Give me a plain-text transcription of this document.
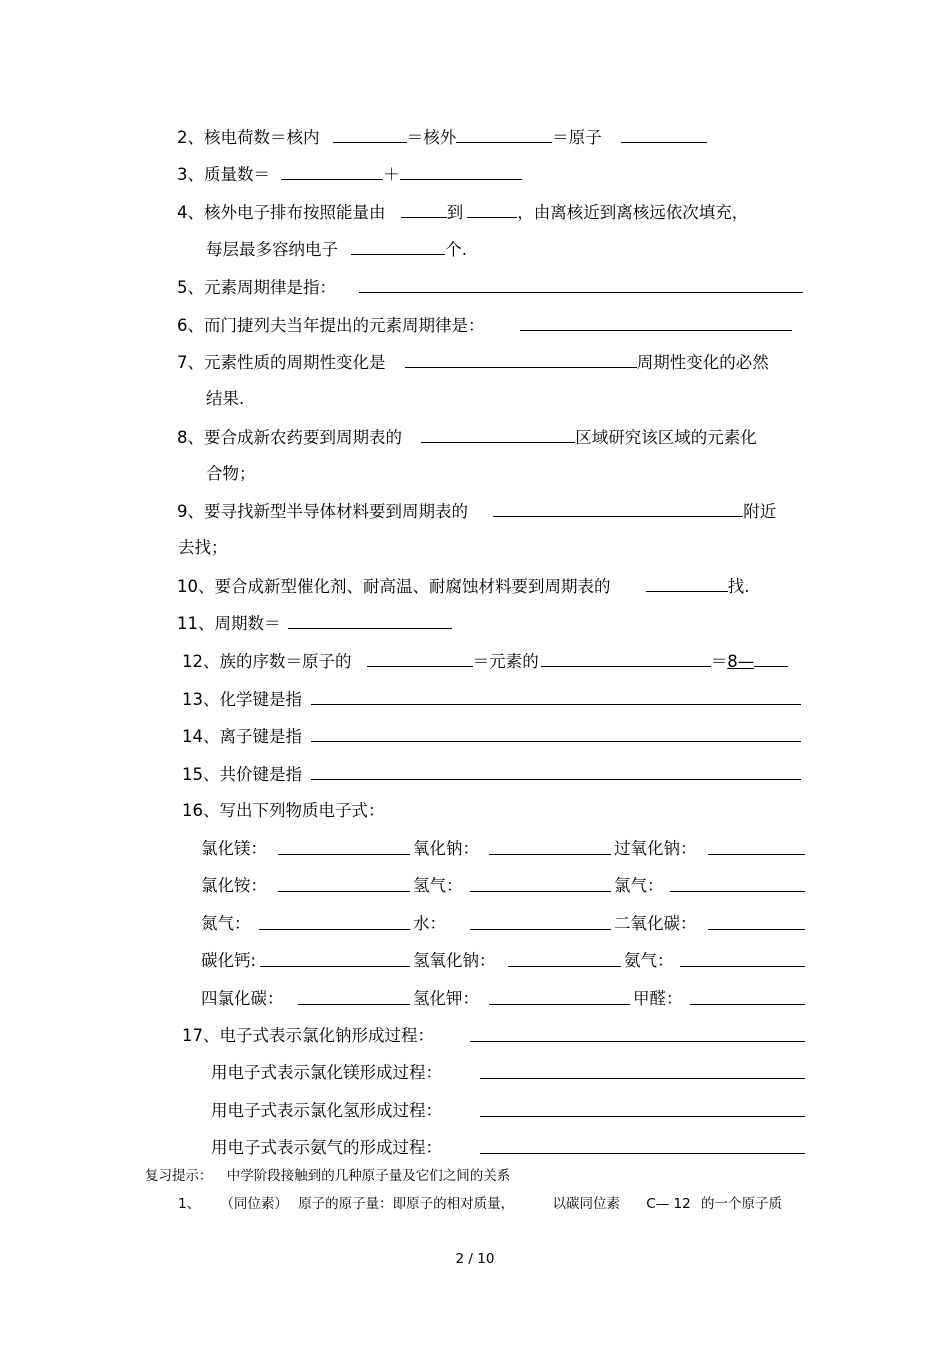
2、核电荷数＝核内	＝核外	＝原子
3、质量数＝	＋
4、核外电子排布按照能量由	到	，由离核近到离核远依次填充，
每层最多容纳电子	个.
5、元素周期律是指：
6、而门捷列夫当年提出的元素周期律是：
7、元素性质的周期性变化是	周期性变化的必然
结果.
8、要合成新农药要到周期表的	区域研究该区域的元素化
合物；
9、要寻找新型半导体材料要到周期表的	附近
去找；
10、要合成新型催化剂、耐高温、耐腐蚀材料要到周期表的	找.
11、周期数＝
12、族的序数＝原子的	＝元素的	＝8—
13、化学键是指
14、离子键是指
15、共价键是指
16、写出下列物质电子式：
氯化镁：	氧化钠：	过氧化钠：
氯化铵：	氢气：	氯气：
氮气：	水：	二氧化碳：
碳化钙:	氢氧化钠：	氨气：
四氯化碳：	氢化钾：	甲醛：
17、电子式表示氯化钠形成过程：
用电子式表示氯化镁形成过程：
用电子式表示氯化氢形成过程：
用电子式表示氨气的形成过程：
复习提示： 中学阶段接触到的几种原子量及它们之间的关系
1、 （同位素） 原子的原子量：即原子的相对质量，	以碳同位素 C— 12 的一个原子质
2 / 10
